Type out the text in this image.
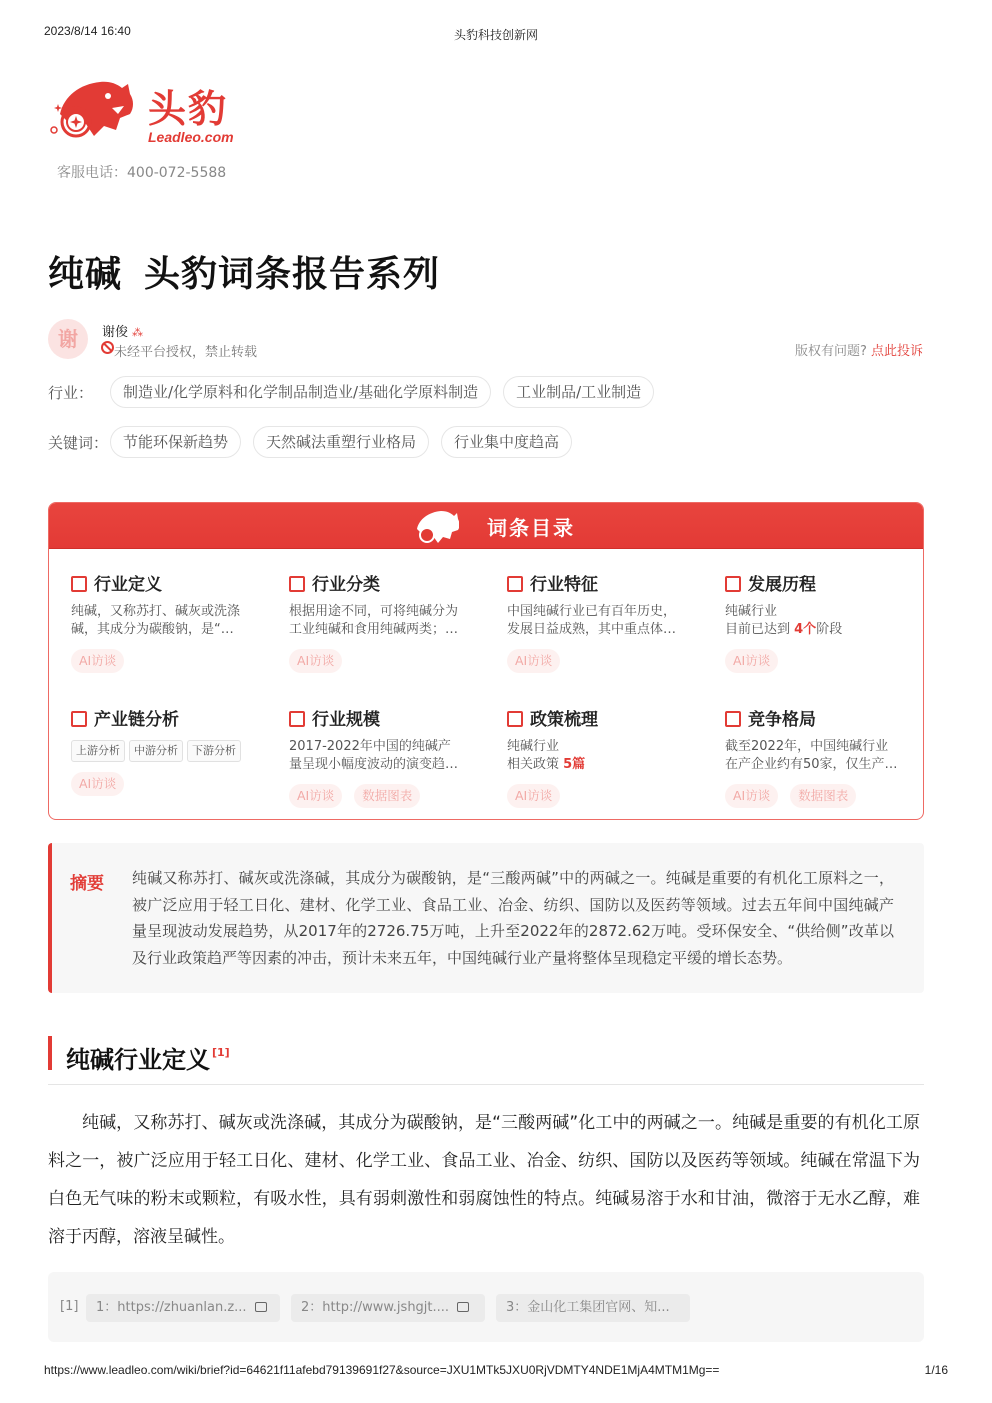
2023/8/14 16:40	头豹科技创新网
头豹
Leadleo.com
客服电话：400-072-5588
纯碱 头豹词条报告系列
谢	谢俊 ⁂
未经平台授权，禁止转载	版权有问题? 点此投诉
行业：	制造业/化学原料和化学制品制造业/基础化学原料制造	工业制品/工业制造
关键词： 节能环保新趋势	天然碱法重塑行业格局	行业集中度趋高
词条目录
行业定义
纯碱，又称苏打、碱灰或洗涤
碱，其成分为碳酸钠，是“…
AI访谈
行业分类
根据用途不同，可将纯碱分为
工业纯碱和食用纯碱两类；…
AI访谈
行业特征
中国纯碱行业已有百年历史，
发展日益成熟，其中重点体…
AI访谈
发展历程
纯碱行业
目前已达到 4个阶段
AI访谈
产业链分析
上游分析	中游分析	下游分析
AI访谈
行业规模
2017-2022年中国的纯碱产
量呈现小幅度波动的演变趋…
AI访谈	数据图表
政策梳理
纯碱行业
相关政策 5篇
AI访谈
竞争格局
截至2022年，中国纯碱行业
在产企业约有50家，仅生产…
AI访谈	数据图表
摘要 纯碱又称苏打、碱灰或洗涤碱，其成分为碳酸钠，是“三酸两碱”中的两碱之一。纯碱是重要的有机化工原料之一，被广泛应用于轻工日化、建材、化学工业、食品工业、冶金、纺织、国防以及医药等领域。过去五年间中国纯碱产量呈现波动发展趋势，从2017年的2726.75万吨，上升至2022年的2872.62万吨。受环保安全、“供给侧”改革以及行业政策趋严等因素的冲击，预计未来五年，中国纯碱行业产量将整体呈现稳定平缓的增长态势。
纯碱行业定义 [1]
纯碱，又称苏打、碱灰或洗涤碱，其成分为碳酸钠，是“三酸两碱”化工中的两碱之一。纯碱是重要的有机化工原料之一，被广泛应用于轻工日化、建材、化学工业、食品工业、冶金、纺织、国防以及医药等领域。纯碱在常温下为白色无气味的粉末或颗粒，有吸水性，具有弱刺激性和弱腐蚀性的特点。纯碱易溶于水和甘油，微溶于无水乙醇，难溶于丙醇，溶液呈碱性。
[1]	1：https://zhuanlan.z...	2：http://www.jshgjt....	3：金山化工集团官网、知...
https://www.leadleo.com/wiki/brief?id=64621f11afebd79139691f27&source=JXU1MTk5JXU0RjVDMTY4NDE1MjA4MTM1Mg==	1/16
